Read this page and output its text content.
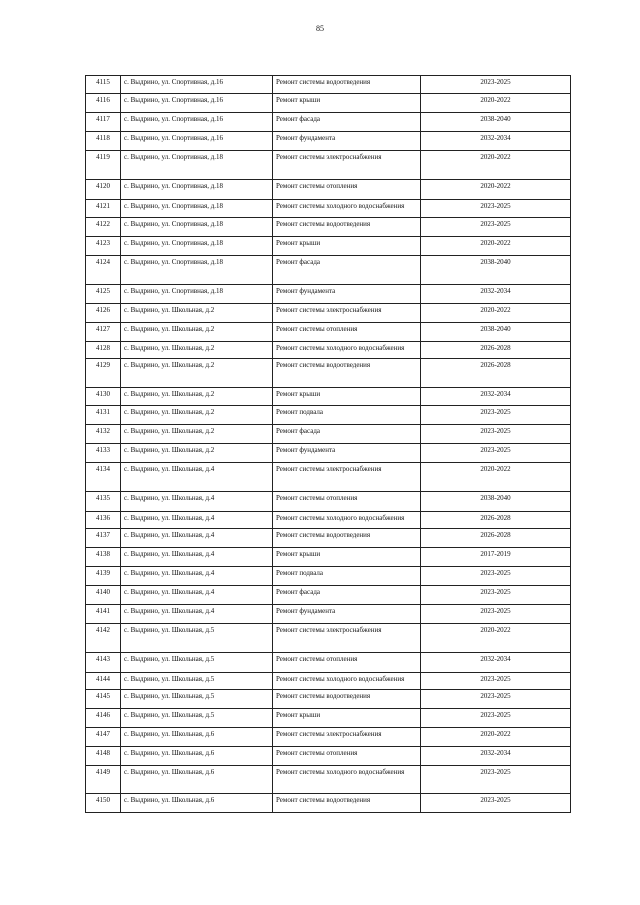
85
4115	с. Выдрино, ул. Спортивная, д.16	Ремонт системы водоотведения	2023-2025
4116	с. Выдрино, ул. Спортивная, д.16	Ремонт крыши	2020-2022
4117	с. Выдрино, ул. Спортивная, д.16	Ремонт фасада	2038-2040
4118	с. Выдрино, ул. Спортивная, д.16	Ремонт фундамента	2032-2034
4119	с. Выдрино, ул. Спортивная, д.18	Ремонт системы электроснабжения	2020-2022
4120	с. Выдрино, ул. Спортивная, д.18	Ремонт системы отопления	2020-2022
4121	с. Выдрино, ул. Спортивная, д.18	Ремонт системы холодного водоснабжения	2023-2025
4122	с. Выдрино, ул. Спортивная, д.18	Ремонт системы водоотведения	2023-2025
4123	с. Выдрино, ул. Спортивная, д.18	Ремонт крыши	2020-2022
4124	с. Выдрино, ул. Спортивная, д.18	Ремонт фасада	2038-2040
4125	с. Выдрино, ул. Спортивная, д.18	Ремонт фундамента	2032-2034
4126	с. Выдрино, ул. Школьная, д.2	Ремонт системы электроснабжения	2020-2022
4127	с. Выдрино, ул. Школьная, д.2	Ремонт системы отопления	2038-2040
4128	с. Выдрино, ул. Школьная, д.2	Ремонт системы холодного водоснабжения	2026-2028
4129	с. Выдрино, ул. Школьная, д.2	Ремонт системы водоотведения	2026-2028
4130	с. Выдрино, ул. Школьная, д.2	Ремонт крыши	2032-2034
4131	с. Выдрино, ул. Школьная, д.2	Ремонт подвала	2023-2025
4132	с. Выдрино, ул. Школьная, д.2	Ремонт фасада	2023-2025
4133	с. Выдрино, ул. Школьная, д.2	Ремонт фундамента	2023-2025
4134	с. Выдрино, ул. Школьная, д.4	Ремонт системы электроснабжения	2020-2022
4135	с. Выдрино, ул. Школьная, д.4	Ремонт системы отопления	2038-2040
4136	с. Выдрино, ул. Школьная, д.4	Ремонт системы холодного водоснабжения	2026-2028
4137	с. Выдрино, ул. Школьная, д.4	Ремонт системы водоотведения	2026-2028
4138	с. Выдрино, ул. Школьная, д.4	Ремонт крыши	2017-2019
4139	с. Выдрино, ул. Школьная, д.4	Ремонт подвала	2023-2025
4140	с. Выдрино, ул. Школьная, д.4	Ремонт фасада	2023-2025
4141	с. Выдрино, ул. Школьная, д.4	Ремонт фундамента	2023-2025
4142	с. Выдрино, ул. Школьная, д.5	Ремонт системы электроснабжения	2020-2022
4143	с. Выдрино, ул. Школьная, д.5	Ремонт системы отопления	2032-2034
4144	с. Выдрино, ул. Школьная, д.5	Ремонт системы холодного водоснабжения	2023-2025
4145	с. Выдрино, ул. Школьная, д.5	Ремонт системы водоотведения	2023-2025
4146	с. Выдрино, ул. Школьная, д.5	Ремонт крыши	2023-2025
4147	с. Выдрино, ул. Школьная, д.6	Ремонт системы электроснабжения	2020-2022
4148	с. Выдрино, ул. Школьная, д.6	Ремонт системы отопления	2032-2034
4149	с. Выдрино, ул. Школьная, д.6	Ремонт системы холодного водоснабжения	2023-2025
4150	с. Выдрино, ул. Школьная, д.6	Ремонт системы водоотведения	2023-2025
